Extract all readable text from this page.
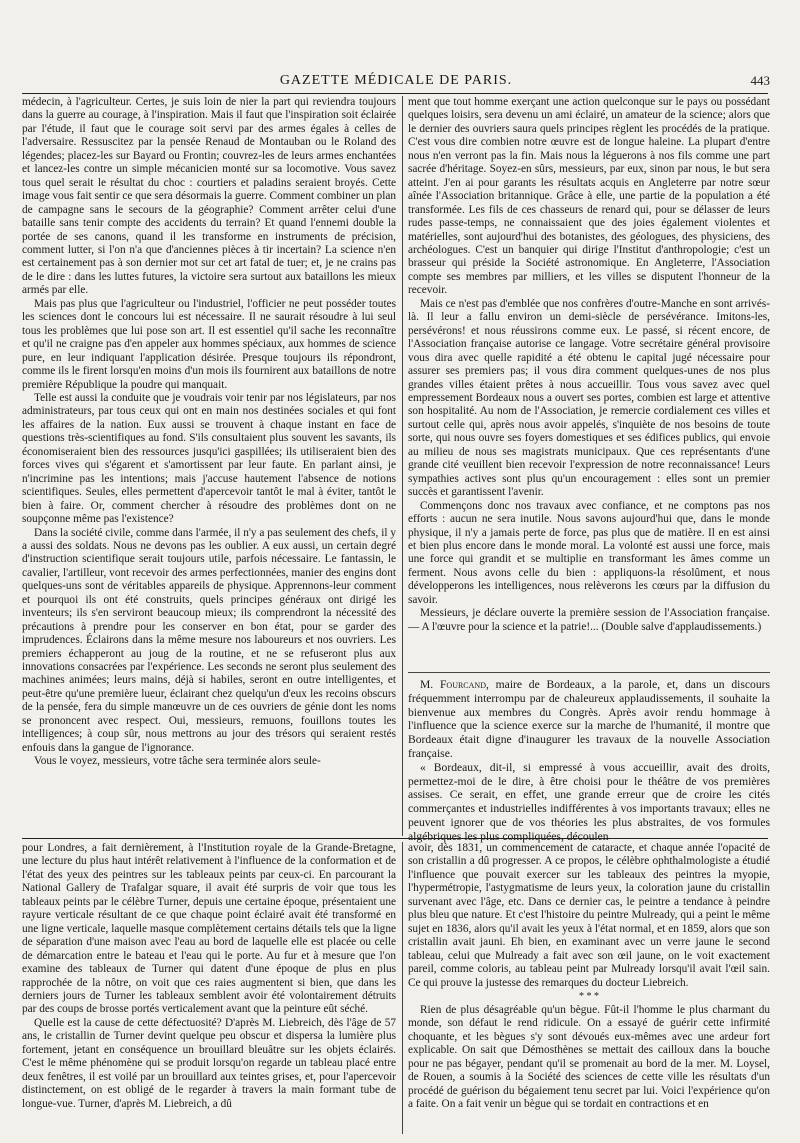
GAZETTE MÉDICALE DE PARIS.	443

médecin, à l'agriculteur. Certes, je suis loin de nier la part qui reviendra toujours dans la guerre au courage, à l'inspiration. Mais il faut que l'inspiration soit éclairée par l'étude, il faut que le courage soit servi par des armes égales à celles de l'adversaire. Ressuscitez par la pensée Renaud de Montauban ou le Roland des légendes; placez-les sur Bayard ou Frontin; couvrez-les de leurs armes enchantées et lancez-les contre un simple mécanicien monté sur sa locomotive. Vous savez tous quel serait le résultat du choc : courtiers et paladins seraient broyés. Cette image vous fait sentir ce que sera désormais la guerre. Comment combiner un plan de campagne sans le secours de la géographie? Comment arrêter celui d'une bataille sans tenir compte des accidents du terrain? Et quand l'ennemi double la portée de ses canons, quand il les transforme en instruments de précision, comment lutter, si l'on n'a que d'anciennes pièces à tir incertain? La science n'en est certainement pas à son dernier mot sur cet art fatal de tuer; et, je ne crains pas de le dire : dans les luttes futures, la victoire sera surtout aux bataillons les mieux armés par elle.

Mais pas plus que l'agriculteur ou l'industriel, l'officier ne peut posséder toutes les sciences dont le concours lui est nécessaire. Il ne saurait résoudre à lui seul tous les problèmes que lui pose son art. Il est essentiel qu'il sache les reconnaître et qu'il ne craigne pas d'en appeler aux hommes spéciaux, aux hommes de science pure, en leur indiquant l'application désirée. Presque toujours ils répondront, comme ils le firent lorsqu'en moins d'un mois ils fournirent aux bataillons de notre première République la poudre qui manquait.

Telle est aussi la conduite que je voudrais voir tenir par nos législateurs, par nos administrateurs, par tous ceux qui ont en main nos destinées sociales et qui font les affaires de la nation. Eux aussi se trouvent à chaque instant en face de questions très-scientifiques au fond. S'ils consultaient plus souvent les savants, ils économiseraient bien des ressources jusqu'ici gaspillées; ils utiliseraient bien des forces vives qui s'égarent et s'amortissent par leur faute. En parlant ainsi, je n'incrimine pas les intentions; mais j'accuse hautement l'absence de notions scientifiques. Seules, elles permettent d'apercevoir tantôt le mal à éviter, tantôt le bien à faire. Or, comment chercher à résoudre des problèmes dont on ne soupçonne même pas l'existence?

Dans la société civile, comme dans l'armée, il n'y a pas seulement des chefs, il y a aussi des soldats. Nous ne devons pas les oublier. A eux aussi, un certain degré d'instruction scientifique serait toujours utile, parfois nécessaire. Le fantassin, le cavalier, l'artilleur, vont recevoir des armes perfectionnées, manier des engins dont quelques-uns sont de véritables appareils de physique. Apprennons-leur comment et pourquoi ils ont été construits, quels principes généraux ont dirigé les inventeurs; ils s'en serviront beaucoup mieux; ils comprendront la nécessité des précautions à prendre pour les conserver en bon état, pour se garder des imprudences. Éclairons dans la même mesure nos laboureurs et nos ouvriers. Les premiers échapperont au joug de la routine, et ne se refuseront plus aux innovations consacrées par l'expérience. Les seconds ne seront plus seulement des machines animées; leurs mains, déjà si habiles, seront en outre intelligentes, et peut-être qu'une première lueur, éclairant chez quelqu'un d'eux les recoins obscurs de la pensée, fera du simple manœuvre un de ces ouvriers de génie dont les noms se prononcent avec respect. Oui, messieurs, remuons, fouillons toutes les intelligences; à coup sûr, nous mettrons au jour des trésors qui seraient restés enfouis dans la gangue de l'ignorance.

Vous le voyez, messieurs, votre tâche sera terminée alors seule-

ment que tout homme exerçant une action quelconque sur le pays ou possédant quelques loisirs, sera devenu un ami éclairé, un amateur de la science; alors que le dernier des ouvriers saura quels principes règlent les procédés de la pratique. C'est vous dire combien notre œuvre est de longue haleine. La plupart d'entre nous n'en verront pas la fin. Mais nous la léguerons à nos fils comme une part sacrée d'héritage. Soyez-en sûrs, messieurs, par eux, sinon par nous, le but sera atteint. J'en ai pour garants les résultats acquis en Angleterre par notre sœur aînée l'Association britannique. Grâce à elle, une partie de la population a été transformée. Les fils de ces chasseurs de renard qui, pour se délasser de leurs rudes passe-temps, ne connaissaient que des joies également violentes et matérielles, sont aujourd'hui des botanistes, des géologues, des physiciens, des archéologues. C'est un banquier qui dirige l'Institut d'anthropologie; c'est un brasseur qui préside la Société astronomique. En Angleterre, l'Association compte ses membres par milliers, et les villes se disputent l'honneur de la recevoir.

Mais ce n'est pas d'emblée que nos confrères d'outre-Manche en sont arrivés-là. Il leur a fallu environ un demi-siècle de persévérance. Imitons-les, persévérons! et nous réussirons comme eux. Le passé, si récent encore, de l'Association française autorise ce langage. Votre secrétaire général provisoire vous dira avec quelle rapidité a été obtenu le capital jugé nécessaire pour assurer ses premiers pas; il vous dira comment quelques-unes de nos plus grandes villes étaient prêtes à nous accueillir. Tous vous savez avec quel empressement Bordeaux nous a ouvert ses portes, combien est large et attentive son hospitalité. Au nom de l'Association, je remercie cordialement ces villes et surtout celle qui, après nous avoir appelés, s'inquiète de nos besoins de toute sorte, qui nous ouvre ses foyers domestiques et ses édifices publics, qui envoie au milieu de nous ses magistrats municipaux. Que ces représentants d'une grande cité veuillent bien recevoir l'expression de notre reconnaissance! Leurs sympathies actives sont plus qu'un encouragement : elles sont un premier succès et garantissent l'avenir.

Commençons donc nos travaux avec confiance, et ne comptons pas nos efforts : aucun ne sera inutile. Nous savons aujourd'hui que, dans le monde physique, il n'y a jamais perte de force, pas plus que de matière. Il en est ainsi et bien plus encore dans le monde moral. La volonté est aussi une force, mais une force qui grandit et se multiplie en transformant les âmes comme un ferment. Nous avons celle du bien : appliquons-la résolûment, et nous développerons les intelligences, nous relèverons les cœurs par la diffusion du savoir.

Messieurs, je déclare ouverte la première session de l'Association française. — A l'œuvre pour la science et la patrie!... (Double salve d'applaudissements.)

M. Fourcand, maire de Bordeaux, a la parole, et, dans un discours fréquemment interrompu par de chaleureux applaudissements, il souhaite la bienvenue aux membres du Congrès. Après avoir rendu hommage à l'influence que la science exerce sur la marche de l'humanité, il montre que Bordeaux était digne d'inaugurer les travaux de la nouvelle Association française.

« Bordeaux, dit-il, si empressé à vous accueillir, avait des droits, permettez-moi de le dire, à être choisi pour le théâtre de vos premières assises. Ce serait, en effet, une grande erreur que de croire les cités commerçantes et industrielles indifférentes à vos importants travaux; elles ne peuvent ignorer que de vos théories les plus abstraites, de vos formules algébriques les plus compliquées, découlen

pour Londres, a fait dernièrement, à l'Institution royale de la Grande-Bretagne, une lecture du plus haut intérêt relativement à l'influence de la conformation et de l'état des yeux des peintres sur les tableaux peints par ceux-ci. En parcourant la National Gallery de Trafalgar square, il avait été surpris de voir que tous les tableaux peints par le célèbre Turner, depuis une certaine époque, présentaient une rayure verticale résultant de ce que chaque point éclairé avait été transformé en une ligne verticale, laquelle masque complètement certains détails tels que la ligne de séparation d'une maison avec l'eau au bord de laquelle elle est placée ou celle de démarcation entre le bateau et l'eau qui le porte. Au fur et à mesure que l'on examine des tableaux de Turner qui datent d'une époque de plus en plus rapprochée de la nôtre, on voit que ces raies augmentent si bien, que dans les derniers jours de Turner les tableaux semblent avoir été volontairement détruits par des coups de brosse portés verticalement avant que la peinture eût séché.

Quelle est la cause de cette défectuosité? D'après M. Liebreich, dès l'âge de 57 ans, le cristallin de Turner devint quelque peu obscur et dispersa la lumière plus fortement, jetant en conséquence un brouillard bleuâtre sur les objets éclairés. C'est le même phénomène qui se produit lorsqu'on regarde un tableau placé entre deux fenêtres, il est voilé par un brouillard aux teintes grises, et, pour l'apercevoir distinctement, on est obligé de le regarder à travers la main formant tube de longue-vue. Turner, d'après M. Liebreich, a dû

avoir, dès 1831, un commencement de cataracte, et chaque année l'opacité de son cristallin a dû progresser. A ce propos, le célèbre ophthalmologiste a étudié l'influence que pouvait exercer sur les tableaux des peintres la myopie, l'hypermétropie, l'astygmatisme de leurs yeux, la coloration jaune du cristallin survenant avec l'âge, etc. Dans ce dernier cas, le peintre a tendance à peindre plus bleu que nature. Et c'est l'histoire du peintre Mulready, qui a peint le même sujet en 1836, alors qu'il avait les yeux à l'état normal, et en 1859, alors que son cristallin avait jauni. Eh bien, en examinant avec un verre jaune le second tableau, celui que Mulready a fait avec son œil jaune, on le voit exactement pareil, comme coloris, au tableau peint par Mulready lorsqu'il avait l'œil sain. Ce qui prouve la justesse des remarques du docteur Liebreich.

* * *

Rien de plus désagréable qu'un bègue. Fût-il l'homme le plus charmant du monde, son défaut le rend ridicule. On a essayé de guérir cette infirmité choquante, et les bègues s'y sont dévoués eux-mêmes avec une ardeur fort explicable. On sait que Démosthènes se mettait des cailloux dans la bouche pour ne pas bégayer, pendant qu'il se promenait au bord de la mer. M. Loysel, de Rouen, a soumis à la Société des sciences de cette ville les résultats d'un procédé de guérison du bégaiement tenu secret par lui. Voici l'expérience qu'on a faite. On a fait venir un bègue qui se tordait en contractions et en
